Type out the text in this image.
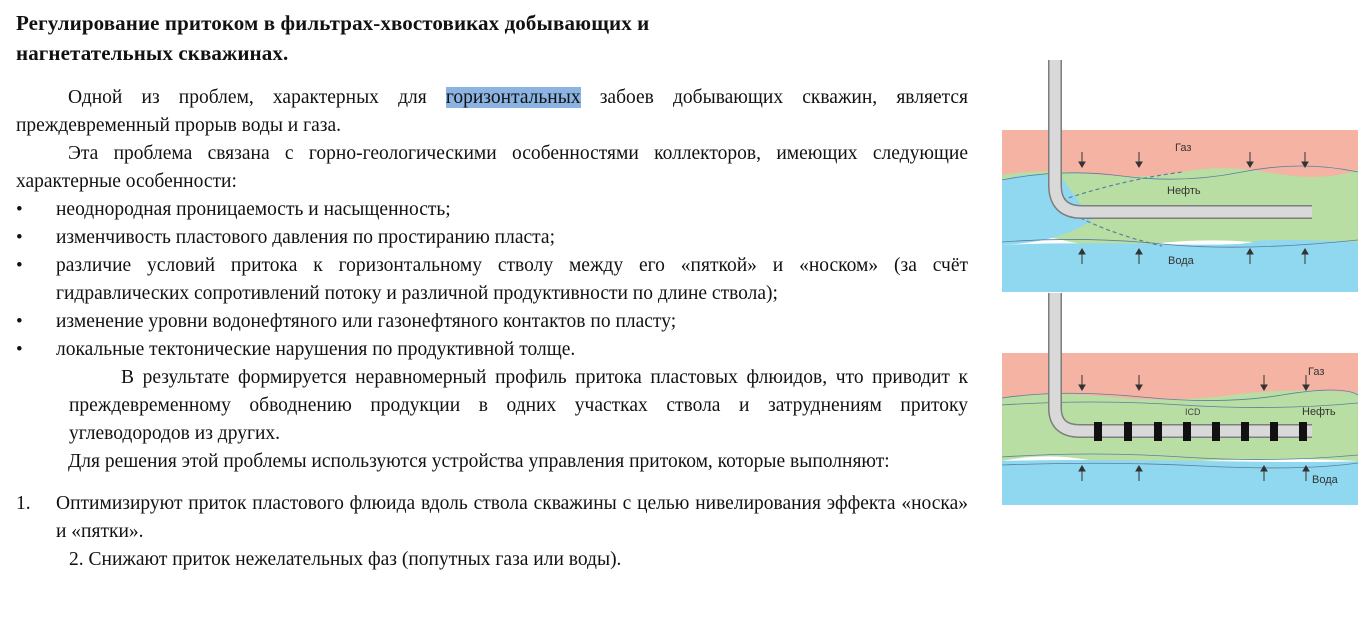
Регулирование притоком в фильтрах-хвостовиках добывающих и
нагнетательных скважинах.

Одной из проблем, характерных для горизонтальных забоев добывающих скважин, является преждевременный прорыв воды и газа.

Эта проблема связана с горно-геологическими особенностями коллекторов, имеющих следующие характерные особенности:

• неоднородная проницаемость и насыщенность;
• изменчивость пластового давления по простиранию пласта;
• различие условий притока к горизонтальному стволу между его «пяткой» и «носком» (за счёт гидравлических сопротивлений потоку и различной продуктивности по длине ствола);
• изменение уровни водонефтяного или газонефтяного контактов по пласту;
• локальные тектонические нарушения по продуктивной толще.

В результате формируется неравномерный профиль притока пластовых флюидов, что приводит к преждевременному обводнению продукции в одних участках ствола и затруднениям притоку углеводородов из других.

Для решения этой проблемы используются устройства управления притоком, которые выполняют:

1. Оптимизируют приток пластового флюида вдоль ствола скважины с целью нивелирования эффекта «носка» и «пятки».
2. Снижают приток нежелательных фаз (попутных газа или воды).
Газ
Нефть
Вода
Газ
ICD	Нефть
Вода
